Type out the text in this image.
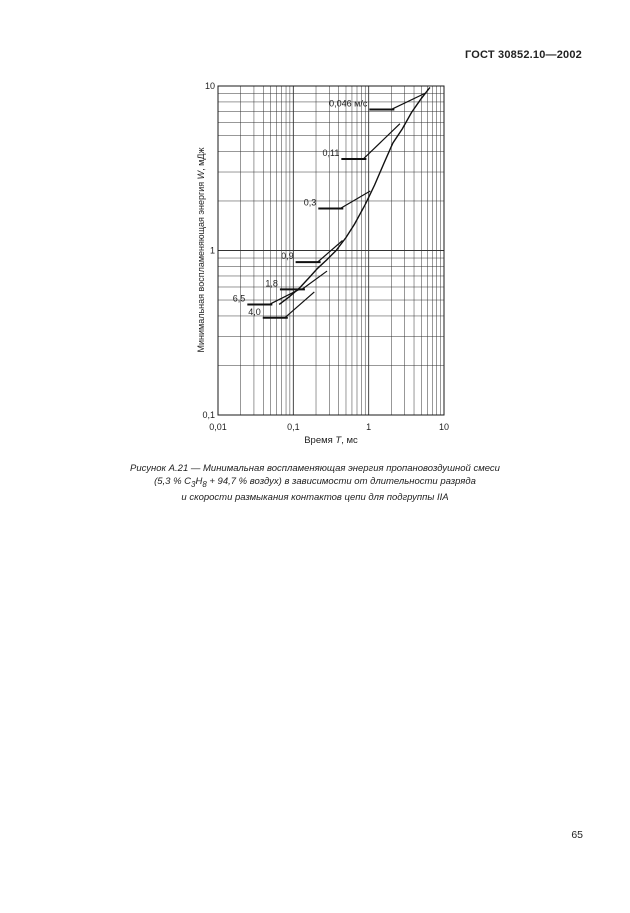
ГОСТ 30852.10—2002
0,046 м/с
0,11
0,3
0,9
1,8
4,0
6,5
0,01	0,1	1	10
0,1
1
10
Время T, мс
Минимальная воспламеняющая энергия W, мДж
Рисунок А.21 — Минимальная воспламеняющая энергия пропановоздушной смеси
(5,3 % $C_3H_8 + 94,7$ % воздух) в зависимости от длительности разряда
и скорости размыкания контактов цепи для подгруппы IIA
65
